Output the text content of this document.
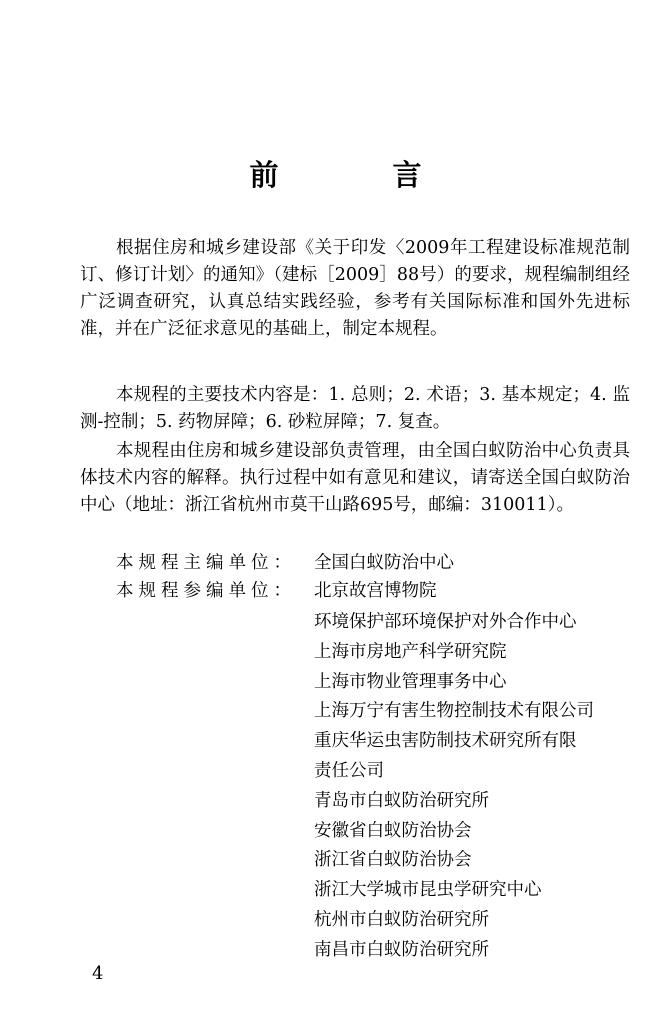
前 言

根据住房和城乡建设部《关于印发〈2009年工程建设标准规范制订、修订计划〉的通知》（建标［2009］88号）的要求，规程编制组经广泛调查研究，认真总结实践经验，参考有关国际标准和国外先进标准，并在广泛征求意见的基础上，制定本规程。

本规程的主要技术内容是：1. 总则；2. 术语；3. 基本规定；4. 监测-控制；5. 药物屏障；6. 砂粒屏障；7. 复查。

本规程由住房和城乡建设部负责管理，由全国白蚁防治中心负责具体技术内容的解释。执行过程中如有意见和建议，请寄送全国白蚁防治中心（地址：浙江省杭州市莫干山路695号，邮编：310011）。

本规程主编单位： 全国白蚁防治中心
本规程参编单位： 北京故宫博物院
环境保护部环境保护对外合作中心
上海市房地产科学研究院
上海市物业管理事务中心
上海万宁有害生物控制技术有限公司
重庆华运虫害防制技术研究所有限
责任公司
青岛市白蚁防治研究所
安徽省白蚁防治协会
浙江省白蚁防治协会
浙江大学城市昆虫学研究中心
杭州市白蚁防治研究所
南昌市白蚁防治研究所
4
